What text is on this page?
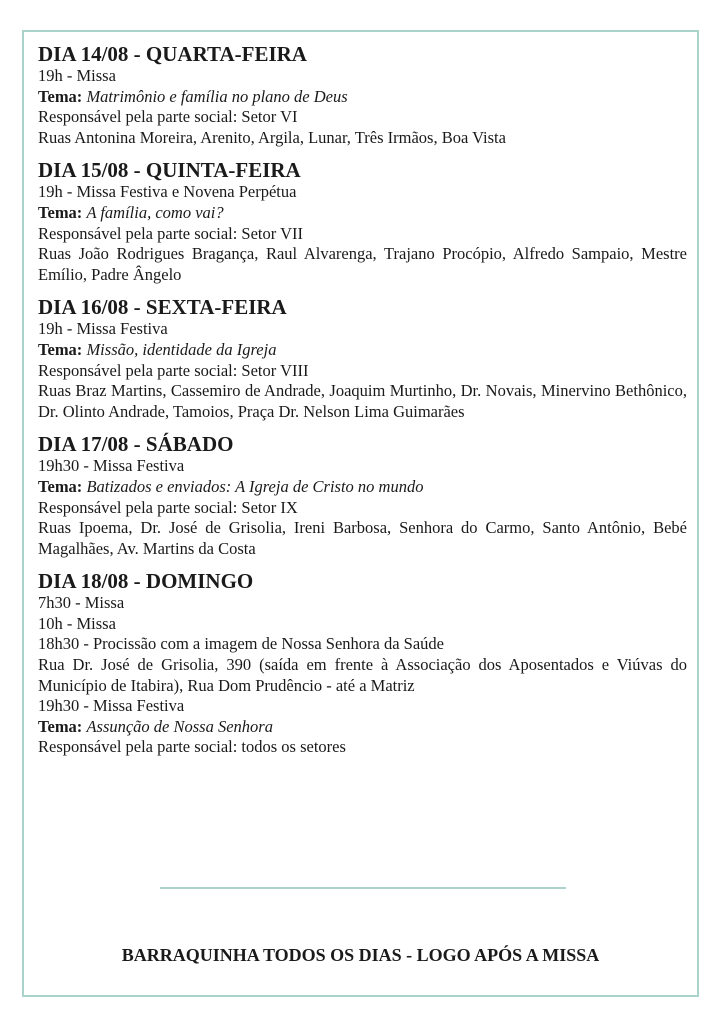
DIA 14/08 - QUARTA-FEIRA

19h - Missa

Tema: Matrimônio e família no plano de Deus

Responsável pela parte social: Setor VI

Ruas Antonina Moreira, Arenito, Argila, Lunar, Três Irmãos, Boa Vista

DIA 15/08 - QUINTA-FEIRA

19h - Missa Festiva e Novena Perpétua

Tema: A família, como vai?

Responsável pela parte social: Setor VII

Ruas João Rodrigues Bragança, Raul Alvarenga, Trajano Procópio, Alfredo Sampaio, Mestre Emílio, Padre Ângelo

DIA 16/08 - SEXTA-FEIRA

19h - Missa Festiva

Tema: Missão, identidade da Igreja

Responsável pela parte social: Setor VIII

Ruas Braz Martins, Cassemiro de Andrade, Joaquim Murtinho, Dr. Novais, Minervino Bethônico, Dr. Olinto Andrade, Tamoios, Praça Dr. Nelson Lima Guimarães

DIA 17/08 - SÁBADO

19h30 - Missa Festiva

Tema: Batizados e enviados: A Igreja de Cristo no mundo

Responsável pela parte social: Setor IX

Ruas Ipoema, Dr. José de Grisolia, Ireni Barbosa, Senhora do Carmo, Santo Antônio, Bebé Magalhães, Av. Martins da Costa

DIA 18/08 - DOMINGO

7h30 - Missa

10h - Missa

18h30 - Procissão com a imagem de Nossa Senhora da Saúde

Rua Dr. José de Grisolia, 390 (saída em frente à Associação dos Aposentados e Viúvas do Município de Itabira), Rua Dom Prudêncio - até a Matriz

19h30 - Missa Festiva

Tema: Assunção de Nossa Senhora

Responsável pela parte social: todos os setores

BARRAQUINHA TODOS OS DIAS - LOGO APÓS A MISSA
